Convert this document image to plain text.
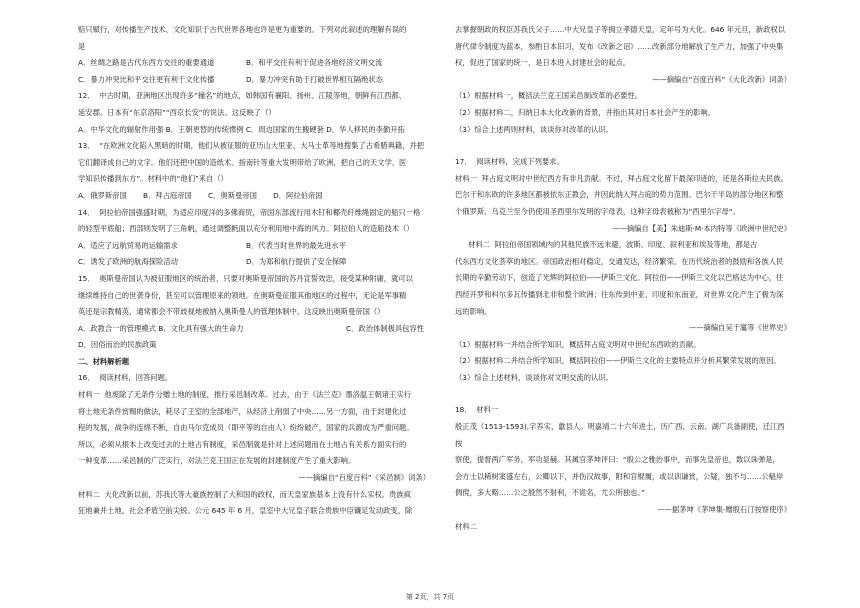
赔只赋行，对传播生产技术、文化知识于古代世界各地也许是更为重要的。下列对此叙述的理解有误的

是

A．丝绸之路是古代东西方交往的重要通道	B．和平交往有利于促进各地经济文明交流
C．暴力冲突比和平交往更有利于文化传播	D．暴力冲突有助于打破世界相互隔绝状态

12．  中古时期，亚洲地区出现许多“撞名”的地点，如韩国有襄阳、扬州、江陵等地，朝鲜有江西都、

延安郡。日本有“东京洛阳”“西京长安”的说法。这反映了（）

A．中华文化的辐射作用强 B．王朝更替的传统惯例 C．周边国家的生搬硬套 D．华人移民的李勤开拓

13．  “在欧洲文化陷入黑暗的时期，他们从被征服的亚历山大里亚、大马士革等地搜集了古希腊典籍，并把

它们翻译成自己的文字。他们还把中国的造纸术、指南针等重大发明带给了欧洲，把自己的天文学、医

学知识传播到东方”。材料中的“他们”来自（）

A．俄罗斯帝国       B．拜占庭帝国       C．奥斯曼帝国       D．阿拉伯帝国

14．  阿拉伯帝国强盛时期，为适应印度洋的多佛商贸，帝国东部流行用木钉和椰壳纤维绳固定的船只一格

的轻型平底船；西部则发明了三角帆，通过调整帆面以充分利用地中海的风力。阿拉伯人的造船技术（）

A．适应了远航贸易的运输需求	B．代表当时世界的最先进水平
C．诱发了欧洲的航海探险活动	D．为郑和航行提供了安全保障

15．  奥斯曼帝国认为被征服地区的统治者，只要对奥斯曼帝国的苏丹宣誓效忠，接受某种附庸，就可以

继续维持自己的世袭身份，甚至可以管理原来的领地。在奥斯曼征服其他地区的过程中，无论是军事精

英还是宗教精英，通常都会不带歧视地被纳入奥斯曼人的管理体制中。这反映出奥斯曼帝国（）

A．政教合一的管理模式 B．文化具有强大的生命力	C．政治体制极具包容性
D．因俗而治的民族政策

二、材料解析题

16．  阅读材料，回答问题。

材料一  他废除了无条件分赠土地的制度，推行采邑制改革。过去，由于《法兰克》墨洛温王朝诸王实行

将土地无条件赏赐的做法，耗尽了王室的全部地产，从经济上削弱了中央……另一方面，由于封建化过

程的发展，战争的连绵不断，自由马尔克成员（即平等的自由人）纷纷破产，国家的兵源成为严重问题。

所以，必须从根本上改变过去的土地占有制度，采邑制就是针对上述问题而在土地占有关系方面实行的

一种变革……采邑制的广泛实行，对法兰克王国正在发展的封建制度产生了重大影响。

——摘编自“百度百科”《采邑制》词条）

材料二  大化改新以前，苏我氏等大豪族控制了大和国的政权，而天皇家族基本上没有什么实权。贵族疯

狂地兼并土地，社会矛盾空前尖锐。公元 645 年 6 月，皇室中大兄皇子联合贵族中臣镰足发动政变，除

去掌握朝政的权臣苏我氏父子……中大兄皇子等拥立孝德天皇，定年号为大化。646 年元旦，新政权以

唐代律令制度为蓝本，参酌日本旧习，发布《改新之诏》……改新部分地解放了生产力，加强了中央集

权，促进了国家的统一，是日本进入封建社会的起点。

——摘编自“百度百科”《大化改新》词条）

（1）根据材料一，概括法兰克王国采邑制改革的必要性。

（2）根据材料二，归纳日本大化改新的背景，并指出其对日本社会产生的影响。

（3）综合上述两则材料，谈谈你对改革的认识。

17．  阅读材料，完成下列要求。

材料一  拜占庭文明对中世纪西方有非凡贡献。不过，拜占庭文化留下最深印迹的，还是各斯拉夫民族。

巴尔干和东欧的许多地区都被依东正教会，并因此纳入拜占庭的势力范围。巴尔干半岛的部分地区和整

个俄罗斯、乌克兰至今仍使用圣西里尔发明的字母表，这种字母表被称为“西里尔字母”。

——摘编自【美】朱迪斯·M·本内特等《欧洲中世纪史》

材料二  阿拉伯帝国领域内的其他民族不远未避，波斯、印度、叙利亚和埃及等地，都是古

代东西方文化荟萃的地区。帝国政治相对稳定，交通发达，经济繁荣。在历代统治者的鼓励和各族人民

长期的辛勤劳动下，创造了光辉的阿拉伯——伊斯兰文化。阿拉伯——伊斯兰文化以巴格达为中心，往

西经开罗和科尔多瓦传播到北非和整个欧洲；往东传到中亚、印度和东南亚，对世界文化产生了极为深

远的影响。

——摘编自吴于廑等《世界史》

（1）根据材料一并结合所学知识，概括拜占庭文明对中世纪东西欧的贡献。

（2）根据材料二并结合所学知识，概括阿拉伯——伊斯兰文化的主要特点并分析其繁荣发展的原因。

（3）综合上述材料，谈谈你对文明交流的认识。

18．  材料一

殷正茂（1513-1593),字养实，歙县人。明嘉靖二十六年进士，历广西、云南、湖广兵备副使，迁江西按

察使，提督两广军务，军功显赫。其属官茅坤评曰：“殷公之雅治事中，而事先皇帝也，数以诛弹是，

会方士以稀树窦盛左右，公卿以下，并伤汉故事，附和官棍履，或以训谦赏，公疑，独不与……公魁岸

倜傥，多大略……公之殷然不射利，不诡名，尤公所独也。”

——据茅坤《茅坤集·赠殷石汀按察使序》

材料二

第 2页，共 7页
